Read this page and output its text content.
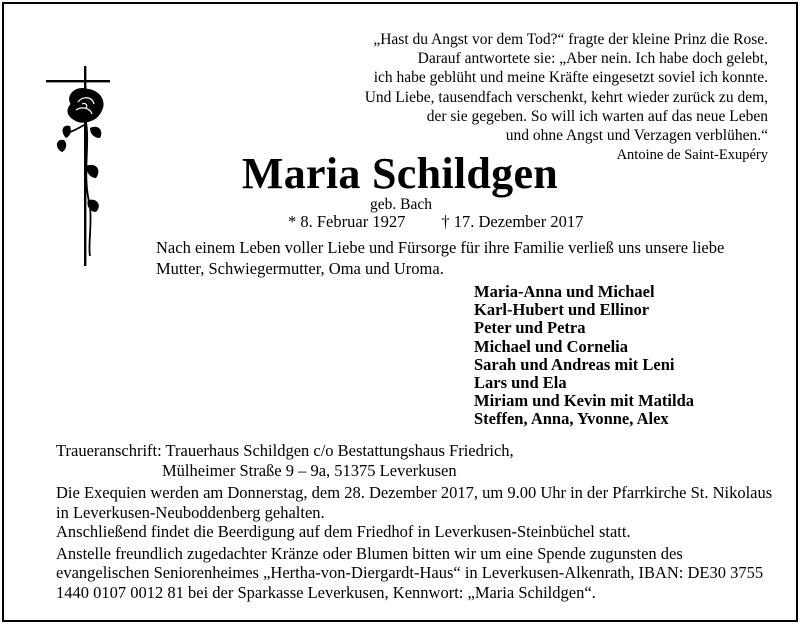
„Hast du Angst vor dem Tod?“ fragte der kleine Prinz die Rose.
Darauf antwortete sie: „Aber nein. Ich habe doch gelebt,
ich habe geblüht und meine Kräfte eingesetzt soviel ich konnte.
Und Liebe, tausendfach verschenkt, kehrt wieder zurück zu dem,
der sie gegeben. So will ich warten auf das neue Leben
und ohne Angst und Verzagen verblühen.“
Antoine de Saint-Exupéry
Maria Schildgen
geb. Bach
* 8. Februar 1927 † 17. Dezember 2017
Nach einem Leben voller Liebe und Fürsorge für ihre Familie verließ uns unsere liebe Mutter, Schwiegermutter, Oma und Uroma.
Maria-Anna und Michael
Karl-Hubert und Ellinor
Peter und Petra
Michael und Cornelia
Sarah und Andreas mit Leni
Lars und Ela
Miriam und Kevin mit Matilda
Steffen, Anna, Yvonne, Alex
Traueranschrift: Trauerhaus Schildgen c/o Bestattungshaus Friedrich,
Mülheimer Straße 9 – 9a, 51375 Leverkusen

Die Exequien werden am Donnerstag, dem 28. Dezember 2017, um 9.00 Uhr in der Pfarrkirche St. Nikolaus in Leverkusen-Neuboddenberg gehalten.

Anschließend findet die Beerdigung auf dem Friedhof in Leverkusen-Steinbüchel statt.

Anstelle freundlich zugedachter Kränze oder Blumen bitten wir um eine Spende zugunsten des evangelischen Seniorenheimes „Hertha-von-Diergardt-Haus“ in Leverkusen-Alkenrath, IBAN: DE30 3755 1440 0107 0012 81 bei der Sparkasse Leverkusen, Kennwort: „Maria Schildgen“.
